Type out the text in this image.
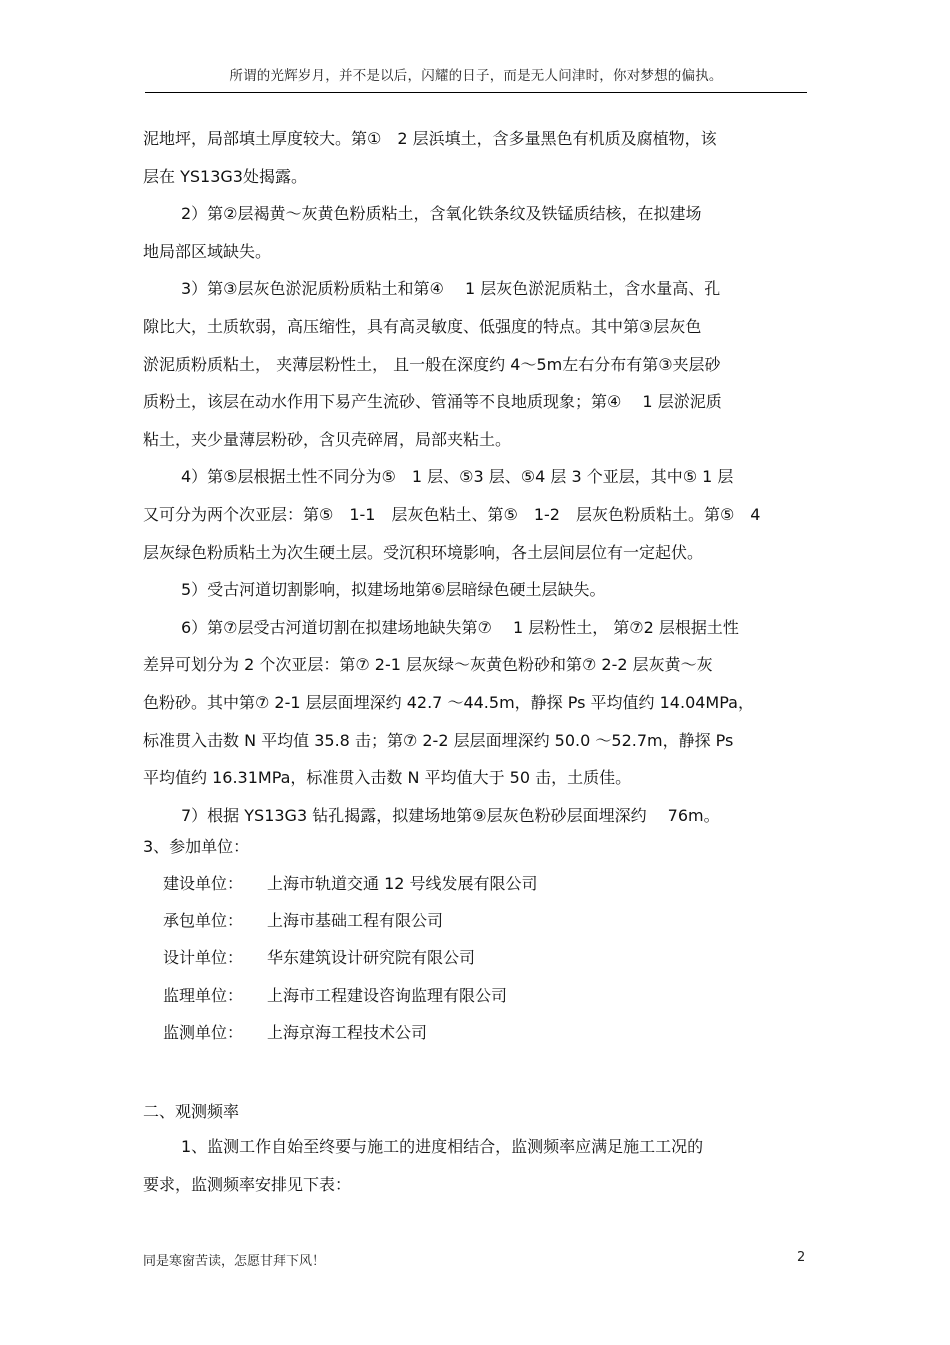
所谓的光辉岁月，并不是以后，闪耀的日子，而是无人问津时，你对梦想的偏执。
泥地坪，局部填土厚度较大。第①　2 层浜填土，含多量黑色有机质及腐植物，该
层在 YS13G3处揭露。
2）第②层褐黄～灰黄色粉质粘土，含氧化铁条纹及铁锰质结核，在拟建场
地局部区域缺失。
3）第③层灰色淤泥质粉质粘土和第④　 1 层灰色淤泥质粘土，含水量高、孔
隙比大，土质软弱，高压缩性，具有高灵敏度、低强度的特点。其中第③层灰色
淤泥质粉质粘土， 夹薄层粉性土， 且一般在深度约 4～5m左右分布有第③夹层砂
质粉土，该层在动水作用下易产生流砂、管涌等不良地质现象；第④　 1 层淤泥质
粘土，夹少量薄层粉砂，含贝壳碎屑，局部夹粘土。
4）第⑤层根据土性不同分为⑤　1 层、⑤3 层、⑤4 层 3 个亚层，其中⑤ 1 层
又可分为两个次亚层：第⑤　1-1　层灰色粘土、第⑤　1-2　层灰色粉质粘土。第⑤　4
层灰绿色粉质粘土为次生硬土层。受沉积环境影响，各土层间层位有一定起伏。
5）受古河道切割影响，拟建场地第⑥层暗绿色硬土层缺失。
6）第⑦层受古河道切割在拟建场地缺失第⑦　 1 层粉性土， 第⑦2 层根据土性
差异可划分为 2 个次亚层：第⑦ 2-1 层灰绿～灰黄色粉砂和第⑦ 2-2 层灰黄～灰
色粉砂。其中第⑦ 2-1 层层面埋深约 42.7 ～44.5m，静探 Ps 平均值约 14.04MPa，
标准贯入击数 N 平均值 35.8 击；第⑦ 2-2 层层面埋深约 50.0 ～52.7m，静探 Ps
平均值约 16.31MPa，标准贯入击数 N 平均值大于 50 击，土质佳。
7）根据 YS13G3 钻孔揭露，拟建场地第⑨层灰色粉砂层面埋深约　 76m。
3、参加单位：
建设单位： 上海市轨道交通 12 号线发展有限公司
承包单位： 上海市基础工程有限公司
设计单位： 华东建筑设计研究院有限公司
监理单位： 上海市工程建设咨询监理有限公司
监测单位： 上海京海工程技术公司
二、观测频率
1、监测工作自始至终要与施工的进度相结合，监测频率应满足施工工况的
要求，监测频率安排见下表：
同是寒窗苦读，怎愿甘拜下风！	2
